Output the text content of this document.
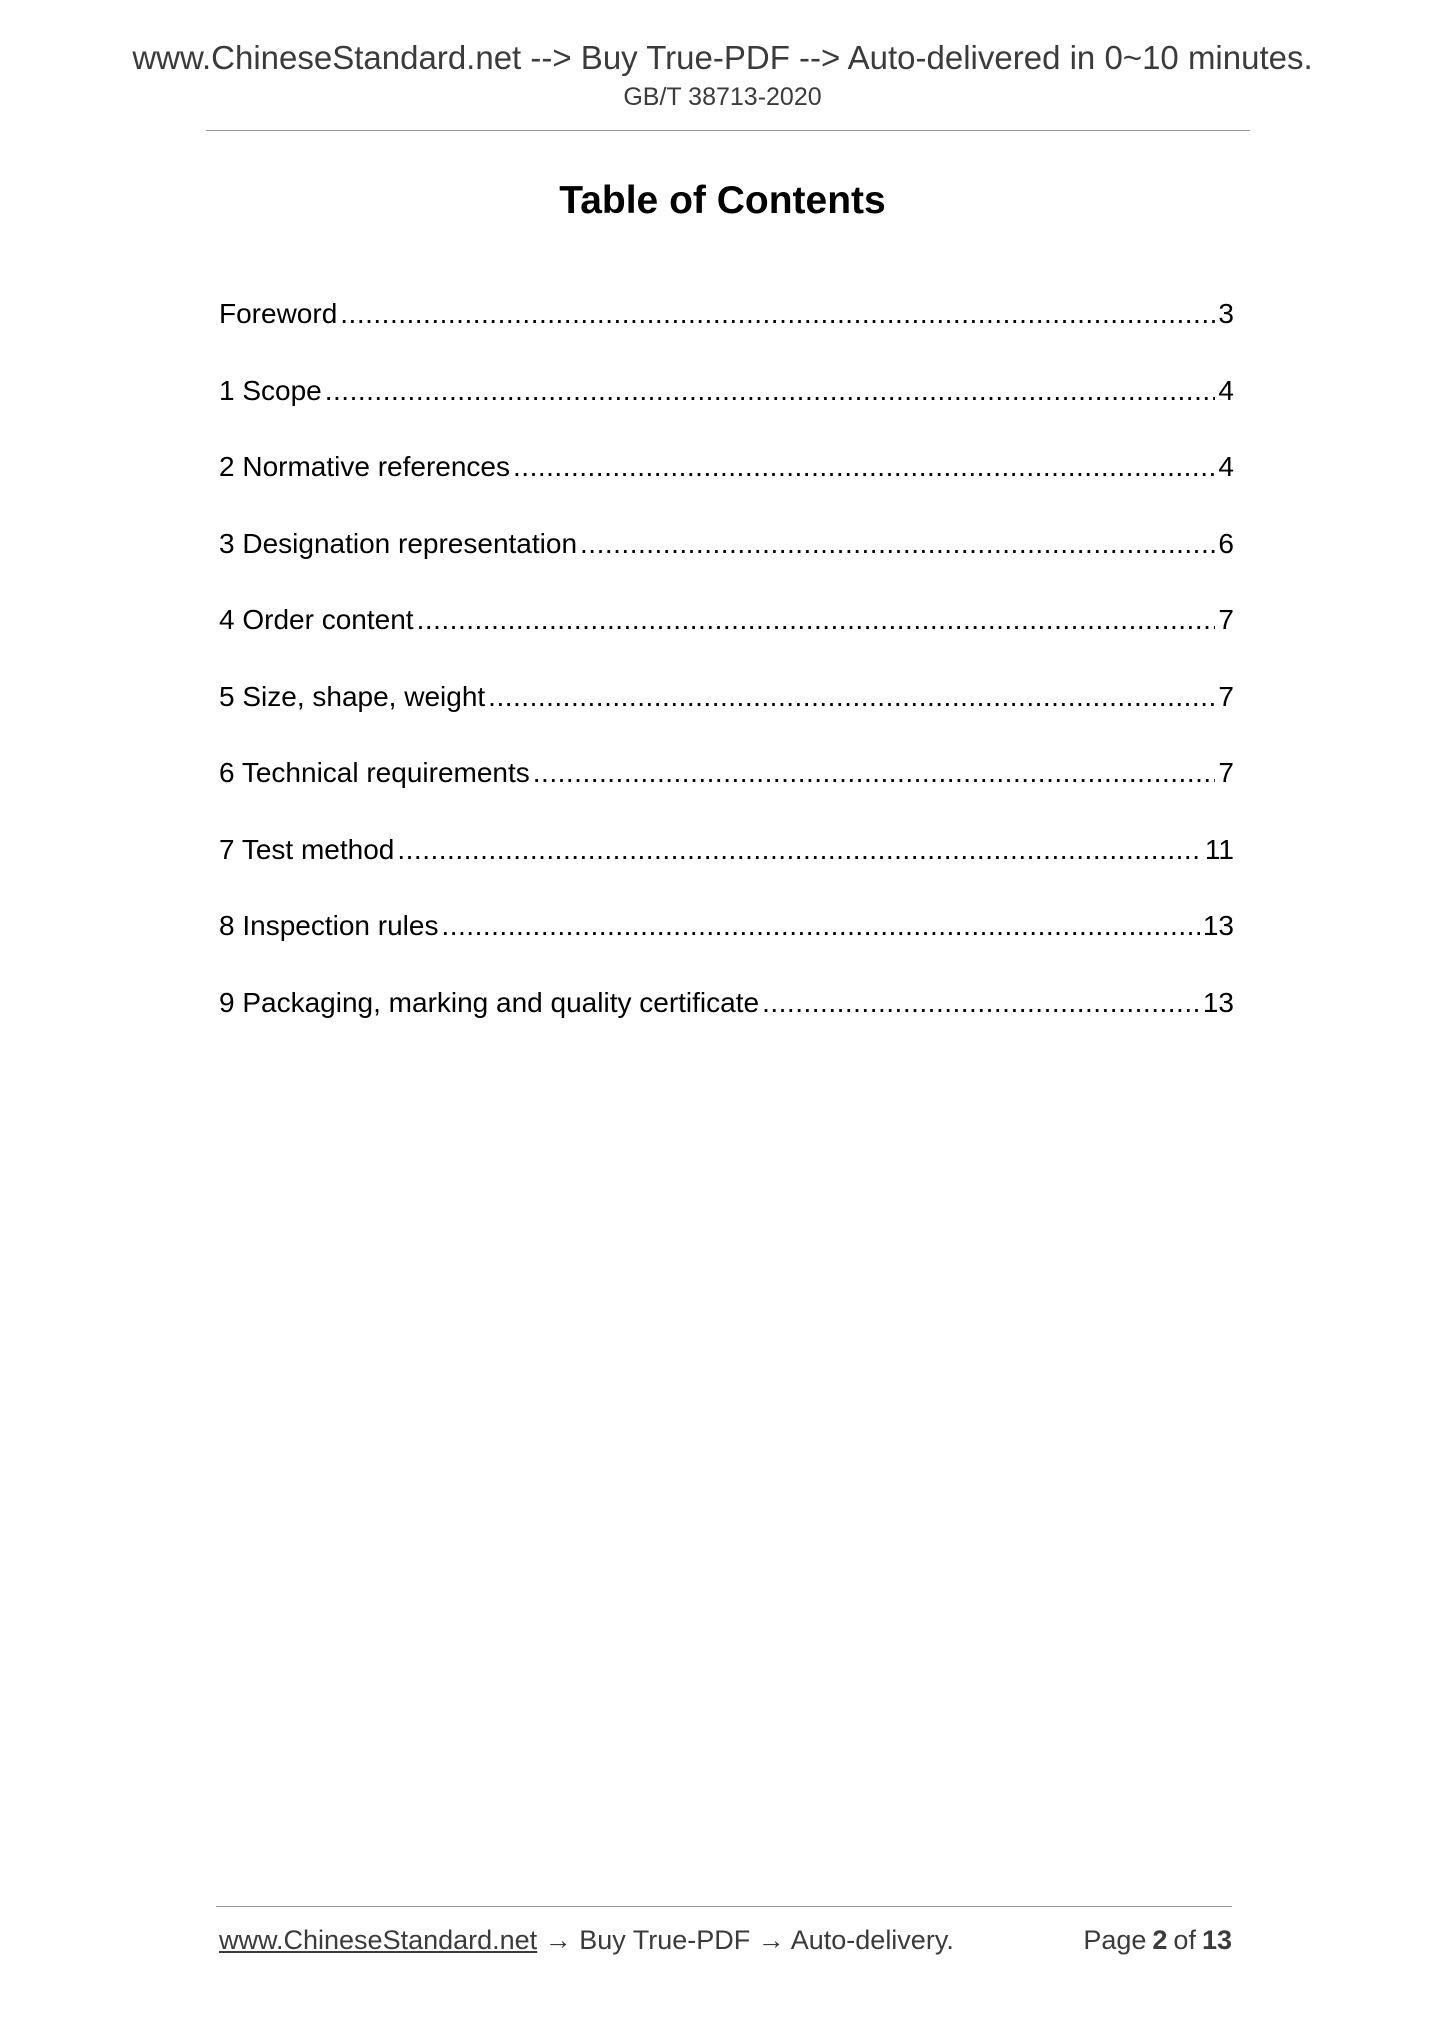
www.ChineseStandard.net --> Buy True-PDF --> Auto-delivered in 0~10 minutes.
GB/T 38713-2020
Table of Contents
Foreword .....	3
1 Scope .....	4
2 Normative references .....	4
3 Designation representation .....	6
4 Order content .....	7
5 Size, shape, weight .....	7
6 Technical requirements .....	7
7 Test method .....	11
8 Inspection rules .....	13
9 Packaging, marking and quality certificate .....	13
www.ChineseStandard.net → Buy True-PDF → Auto-delivery.	Page 2 of 13
